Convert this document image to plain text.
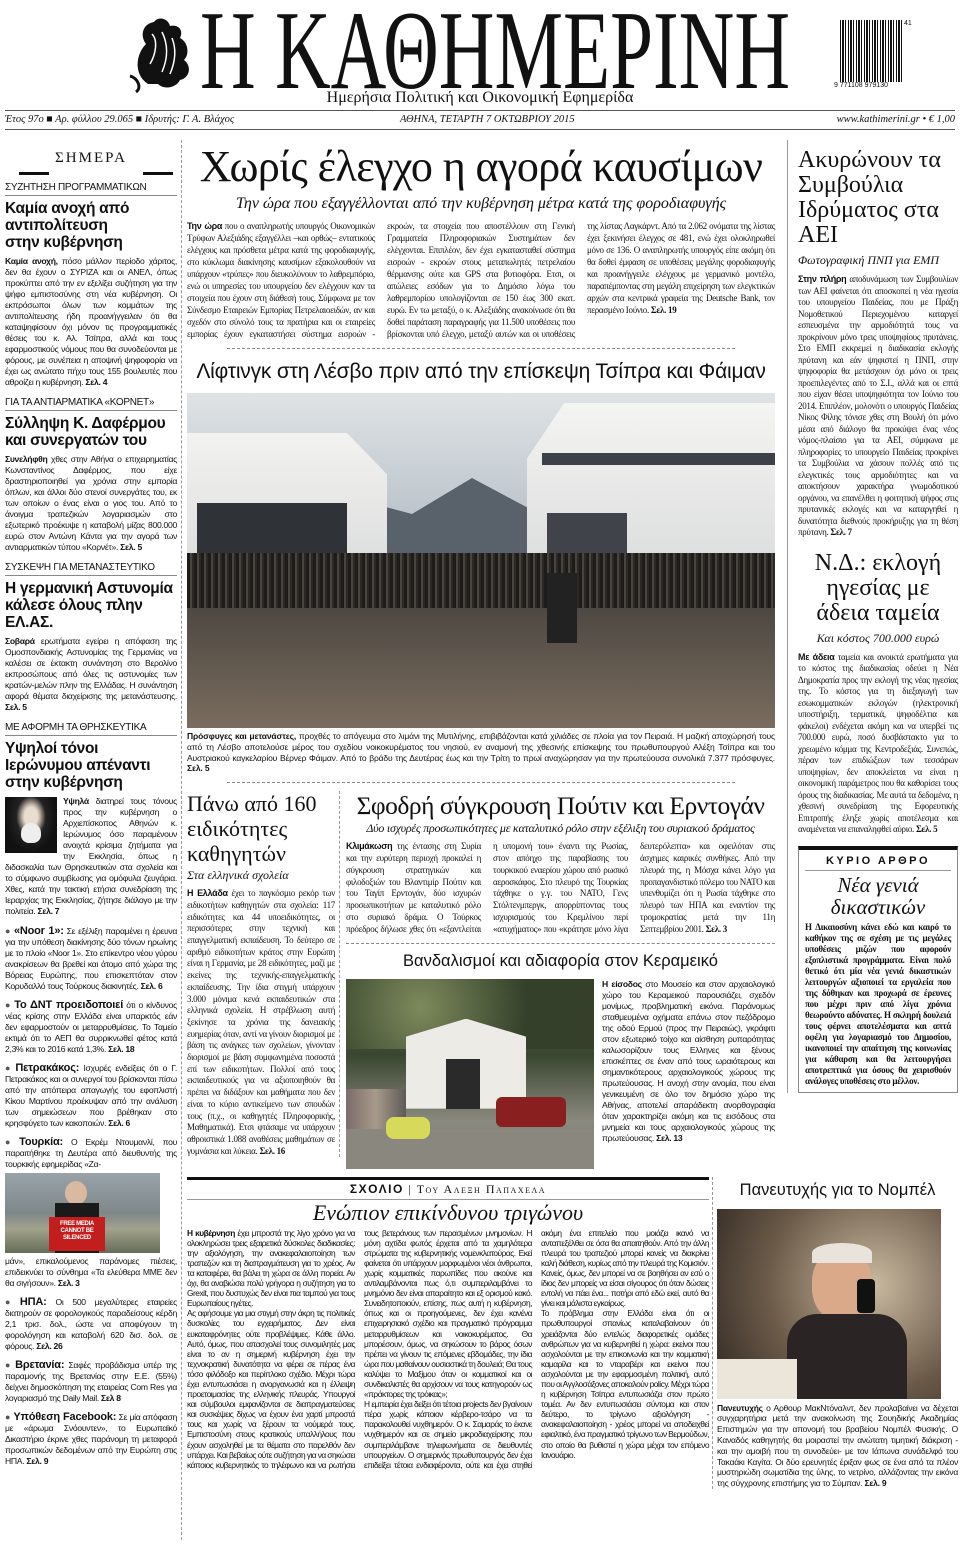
Η ΚΑΘΗΜΕΡΙΝΗ
Ημερήσια Πολιτική και Οικονομική Εφημερίδα
9 771108 979130
41
Έτος 97ο ■ Αρ. φύλλου 29.065 ■ Ιδρυτής: Γ. Α. Βλάχος	ΑΘΗΝΑ, ΤΕΤΑΡΤΗ 7 ΟΚΤΩΒΡΙΟΥ 2015	www.kathimerini.gr • € 1,00
ΣΗΜΕΡΑ
ΣΥΖΗΤΗΣΗ ΠΡΟΓΡΑΜΜΑΤΙΚΩΝ
Καμία ανοχή από αντιπολίτευση στην κυβέρνηση

Καμία ανοχή, πόσο μάλλον περίοδο χάριτος, δεν θα έχουν ο ΣΥΡΙΖΑ και οι ΑΝΕΛ, όπως προκύπτει από την εν εξελίξει συζήτηση για την ψήφο εμπιστοσύνης στη νέα κυβέρνηση. Οι εκπρόσωποι όλων των κομμάτων της αντιπολίτευσης ήδη προανήγγειλαν ότι θα καταψηφίσουν όχι μόνον τις προγραμματικές θέσεις του κ. Αλ. Τσίπρα, αλλά και τους εφαρμοστικούς νόμους που θα συνοδεύονται με φόρους, με συνέπεια η αποψινή ψηφοφορία να έχει ως ανώτατο πήχυ τους 155 βουλευτές που αθροίζει η κυβέρνηση. Σελ. 4

ΓΙΑ ΤΑ ΑΝΤΙΑΡΜΑΤΙΚΑ «ΚΟΡΝΕΤ»
Σύλληψη Κ. Δαφέρμου και συνεργατών του

Συνελήφθη χθες στην Αθήνα ο επιχειρηματίας Κωνσταντίνος Δαφέρμος, που είχε δραστηριοποιηθεί για χρόνια στην εμπορία όπλων, και άλλοι δύο στενοί συνεργάτες του, εκ των οποίων ο ένας είναι ο γιος του. Από το άνοιγμα τραπεζικών λογαριασμών στο εξωτερικό προέκυψε η καταβολή μίζας 800.000 ευρώ στον Αντώνη Κάντα για την αγορά των αντιαρματικών τύπου «Κορνέτ». Σελ. 5

ΣΥΣΚΕΨΗ ΓΙΑ ΜΕΤΑΝΑΣΤΕΥΤΙΚΟ
Η γερμανική Αστυνομία κάλεσε όλους πλην ΕΛ.ΑΣ.

Σοβαρά ερωτήματα εγείρει η απόφαση της Ομοσπονδιακής Αστυνομίας της Γερμανίας να καλέσει σε έκτακτη συνάντηση στο Βερολίνο εκπροσώπους από όλες τις αστυνομίες των κρατών-μελών πλην της Ελλάδας. Η συνάντηση αφορά θέματα διαχείρισης της μετανάστευσης. Σελ. 5

ΜΕ ΑΦΟΡΜΗ ΤΑ ΘΡΗΣΚΕΥΤΙΚΑ
Υψηλοί τόνοι Ιερώνυμου απέναντι στην κυβέρνηση

Υψηλά διατηρεί τους τόνους προς την κυβέρνηση ο Αρχιεπίσκοπος Αθηνών κ. Ιερώνυμος όσο παραμένουν ανοιχτά κρίσιμα ζητήματα για την Εκκλησία, όπως η διδασκαλία των Θρησκευτικών στα σχολεία και το σύμφωνο συμβίωσης για ομόφυλα ζευγάρια. Χθες, κατά την τακτική ετήσια συνεδρίαση της Ιεραρχίας της Εκκλησίας, ζήτησε διάλογο με την πολιτεία. Σελ. 7

● «Noor 1»: Σε εξέλιξη παραμένει η έρευνα για την υπόθεση διακίνησης δύο τόνων ηρωίνης με το πλοίο «Noor 1». Στο επίκεντρο νέου γύρου ανακρίσεων θα βρεθεί και άτομο από χώρα της Βόρειας Ευρώπης, που επισκεπτόταν στον Κορυδαλλό τους Τούρκους διακινητές. Σελ. 6

● Το ΔΝΤ προειδοποιεί ότι ο κίνδυνος νέας κρίσης στην Ελλάδα είναι υπαρκτός εάν δεν εφαρμοστούν οι μεταρρυθμίσεις. Το Ταμείο εκτιμά ότι το ΑΕΠ θα συρρικνωθεί φέτος κατά 2,3% και το 2016 κατά 1,3%. Σελ. 18

● Πετρακάκος: Ισχυρές ενδείξεις ότι ο Γ. Πετρακάκος και οι συνεργοί του βρίσκονται πίσω από την απόπειρα απαγωγής του εφοπλιστή Κίκου Μαρτίνου προέκυψαν από την ανάλυση των σημειώσεων που βρέθηκαν στο κρησφύγετο των κακοποιών. Σελ. 6

● Τουρκία: Ο Εκρέμ Ντουμανλί, που παραιτήθηκε τη Δευτέρα από διευθυντής της τουρκικής εφημερίδας «Ζα-

FREE MEDIA CANNOT BE SILENCED

μάν», επικαλούμενος παράνομες πιέσεις, επιδεικνύει το σύνθημα «Τα ελεύθερα ΜΜΕ δεν θα σιγήσουν». Σελ. 3

● ΗΠΑ: Οι 500 μεγαλύτερες εταιρείες διατηρούν σε φορολογικούς παραδείσους κέρδη 2,1 τρισ. δολ., ώστε να αποφύγουν τη φορολόγηση και καταβολή 620 δισ. δολ. σε φόρους. Σελ. 26

● Βρετανία: Σαφές προβάδισμα υπέρ της παραμονής της Βρετανίας στην Ε.Ε. (55%) δείχνει δημοσκόπηση της εταιρείας Com Res για λογαριασμό της Daily Mail. Σελ 8

● Υπόθεση Facebook: Σε μία απόφαση με «άρωμα Σνόουντεν», το Ευρωπαϊκό Δικαστήριο έκρινε χθες παράνομη τη μεταφορά προσωπικών δεδομένων από την Ευρώπη στις ΗΠΑ. Σελ. 9

Χωρίς έλεγχο η αγορά καυσίμων
Την ώρα που εξαγγέλλονται από την κυβέρνηση μέτρα κατά της φοροδιαφυγής
Την ώρα που ο αναπληρωτής υπουργός Οικονομικών Τρύφων Αλεξιάδης εξαγγέλλει –και ορθώς– εντατικούς ελέγχους και πρόσθετα μέτρα κατά της φοροδιαφυγής, στο κύκλωμα διακίνησης καυσίμων εξακολουθούν να υπάρχουν «τρύπες» που διευκολύνουν το λαθρεμπόριο, ενώ οι υπηρεσίες του υπουργείου δεν ελέγχουν καν τα στοιχεία που έχουν στη διάθεσή τους. Σύμφωνα με τον Σύνδεσμο Εταιρειών Εμπορίας Πετρελαιοειδών, αν και σχεδόν στο σύνολό τους τα πρατήρια και οι εταιρείες εμπορίας έχουν εγκαταστήσει σύστημα εισροών - εκροών, τα στοιχεία που αποστέλλουν στη Γενική Γραμματεία Πληροφοριακών Συστημάτων δεν ελέγχονται. Επιπλέον, δεν έχει εγκατασταθεί σύστημα εισροών - εκροών στους μεταπωλητές πετρελαίου θέρμανσης ούτε και GPS στα βυτιοφόρα. Ετσι, οι απώλειες εσόδων για το Δημόσιο λόγω του λαθρεμπορίου υπολογίζονται σε 150 έως 300 εκατ. ευρώ. Εν τω μεταξύ, ο κ. Αλεξιάδης ανακοίνωσε ότι θα δοθεί παράταση παραγραφής για 11.500 υποθέσεις που βρίσκονται υπό έλεγχο, μεταξύ αυτών και οι υποθέσεις της λίστας Λαγκάρντ. Από τα 2.062 ονόματα της λίστας έχει ξεκινήσει έλεγχος σε 481, ενώ έχει ολοκληρωθεί μόνο σε 136. Ο αναπληρωτής υπουργός είπε ακόμη ότι θα δοθεί έμφαση σε υποθέσεις μεγάλης φοροδιαφυγής και προανήγγειλε ελέγχους με γερμανικό μοντέλο, παραπέμποντας στη μεγάλη επιχείρηση των ελεγκτικών αρχών στα κεντρικά γραφεία της Deutsche Bank, τον περασμένο Ιούνιο. Σελ. 19
Λίφτινγκ στη Λέσβο πριν από την επίσκεψη Τσίπρα και Φάιμαν

Πρόσφυγες και μετανάστες, προχθές το απόγευμα στο λιμάνι της Μυτιλήνης, επιβιβάζονται κατά χιλιάδες σε πλοία για τον Πειραιά. Η μαζική αποχώρησή τους από τη Λέσβο αποτελούσε μέρος του σχεδίου νοικοκυρέματος του νησιού, εν αναμονή της χθεσινής επίσκεψης του πρωθυπουργού Αλέξη Τσίπρα και του Αυστριακού καγκελαρίου Βέρνερ Φάιμαν. Από το βράδυ της Δευτέρας έως και την Τρίτη το πρωί αναχώρησαν για την πρωτεύουσα συνολικά 7.377 πρόσφυγες. Σελ. 5

Πάνω από 160 ειδικότητες καθηγητών
Στα ελληνικά σχολεία

Η Ελλάδα έχει το παγκόσμιο ρεκόρ των ειδικοτήτων καθηγητών στα σχολεία: 117 ειδικότητες και 44 υποειδικότητες, οι περισσότερες στην τεχνική και επαγγελματική εκπαίδευση. Το δεύτερο σε αριθμό ειδικοτήτων κράτος στην Ευρώπη είναι η Γερμανία, με 28 ειδικότητες, μαζί με εκείνες της τεχνικής-επαγγελματικής εκπαίδευσης. Την ίδια στιγμή υπάρχουν 3.000 μόνιμα κενά εκπαιδευτικών στα ελληνικά σχολεία. Η στρέβλωση αυτή ξεκίνησε τα χρόνια της δανειακής ευημερίας όταν, αντί να γίνουν διορισμοί με βάση τις ανάγκες των σχολείων, γίνονταν διορισμοί με βάση συμφωνημένα ποσοστά επί των ειδικοτήτων. Πολλοί από τους εκπαιδευτικούς για να αξιοποιηθούν θα πρέπει να διδάξουν και μαθήματα που δεν είναι το κύριο αντικείμενο των σπουδών τους (π.χ., οι καθηγητές Πληροφορικής, Μαθηματικά). Ετσι φτάσαμε να υπάρχουν αθροιστικά 1.088 αναθέσεις μαθημάτων σε γυμνάσια και λύκεια. Σελ. 16

Σφοδρή σύγκρουση Πούτιν και Ερντογάν
Δύο ισχυρές προσωπικότητες με καταλυτικό ρόλο στην εξέλιξη του συριακού δράματος
Κλιμάκωση της έντασης στη Συρία και την ευρύτερη περιοχή προκαλεί η σύγκρουση στρατηγικών και φιλοδοξιών του Βλαντιμίρ Πούτιν και του Ταγίπ Ερντογάν, δύο ισχυρών προσωπικοτήτων με καταλυτικό ρόλο στο συριακό δράμα. Ο Τούρκος πρόεδρος δήλωσε χθες ότι «εξαντλείται η υπομονή του» έναντι της Ρωσίας, στον απόηχο της παραβίασης του τουρκικού εναερίου χώρου από ρωσικό αεροσκάφος. Στο πλευρό της Τουρκίας τάχθηκε ο γ.γ. του ΝΑΤΟ, Γενς Στόλτενμπεργκ, απορρίπτοντας τους ισχυρισμούς του Κρεμλίνου περί «ατυχήματος» που «κράτησε μόνο λίγα δευτερόλεπτα» και οφειλόταν στις άσχημες καιρικές συνθήκες. Από την πλευρά της, η Μόσχα κάνει λόγο για προπαγανδιστικό πόλεμο του ΝΑΤΟ και υπενθυμίζει ότι η Ρωσία τάχθηκε στο πλευρό των ΗΠΑ και εναντίον της τρομοκρατίας μετά την 11η Σεπτεμβρίου 2001. Σελ. 3
Βανδαλισμοί και αδιαφορία στον Κεραμεικό

Η είσοδος στο Μουσείο και στον αρχαιολογικό χώρο του Κεραμεικού παρουσιάζει, σχεδόν μονίμως, προβληματική εικόνα. Παράνομως σταθμευμένα οχήματα επάνω στον πεζόδρομο της οδού Ερμού (προς την Πειραιώς), γκράφιτι στον εξωτερικό τοίχο και αίσθηση ρυπαρότητας καλωσορίζουν τους Ελληνες και ξένους επισκέπτες σε έναν από τους ωραιότερους και σημαντικότερους αρχαιολογικούς χώρους της πρωτεύουσας. Η ανοχή στην ανομία, που είναι γενικευμένη σε όλο τον δημόσιο χώρο της Αθήνας, αποτελεί απαράδεκτη ανορθογραφία όταν χαρακτηρίζει ακόμη και τις εισόδους στα μνημεία και τους αρχαιολογικούς χώρους της πρωτεύουσας. Σελ. 13

Ακυρώνουν τα Συμβούλια Ιδρύματος στα ΑΕΙ
Φωτογραφική ΠΝΠ για ΕΜΠ

Στην πλήρη αποδυνάμωση των Συμβουλίων των ΑΕΙ φαίνεται ότι αποσκοπεί η νέα ηγεσία του υπουργείου Παιδείας, που με Πράξη Νομοθετικού Περιεχομένου καταργεί εσπευσμένα την αρμοδιότητά τους να προκρίνουν μόνο τρεις υποψηφίους πρυτάνεις. Στο ΕΜΠ εκκρεμεί η διαδικασία εκλογής πρύτανη και εάν ψηφιστεί η ΠΝΠ, στην ψηφοφορία θα μετάσχουν όχι μόνο οι τρεις προεπιλεγέντες από το Σ.Ι., αλλά και οι επτά που είχαν θέσει υποψηφιότητα τον Ιούνιο του 2014. Επιπλέον, μολονότι ο υπουργός Παιδείας Νίκος Φίλης τόνισε χθες στη Βουλή ότι μόνο μέσα από διάλογο θα προκύψει ένας νέος νόμος-πλαίσιο για τα ΑΕΙ, σύμφωνα με πληροφορίες το υπουργείο Παιδείας προκρίνει τα Συμβούλια να χάσουν πολλές από τις ελεγκτικές τους αρμοδιότητες και να αποκτήσουν χαρακτήρα γνωμοδοτικού οργάνου, να επανέλθει η φοιτητική ψήφος στις πρυτανικές εκλογές και να καταργηθεί η δυνατότητα διεθνούς προκήρυξης για τη θέση πρύτανη. Σελ. 7

Ν.Δ.: εκλογή ηγεσίας με άδεια ταμεία
Και κόστος 700.000 ευρώ

Με άδεια ταμεία και ανοικτά ερωτήματα για το κόστος της διαδικασίας οδεύει η Νέα Δημοκρατία προς την εκλογή της νέας ηγεσίας της. Το κόστος για τη διεξαγωγή των εσωκομματικών εκλογών (ηλεκτρονική υποστήριξη, τερματικά, ψηφοδέλτια και φάκελοι) ενδέχεται ακόμη και να υπερβεί τις 700.000 ευρώ, ποσό δυσβάστακτο για το χρεωμένο κόμμα της Κεντροδεξιάς. Συνεπώς, πέραν των επιδιώξεων των τεσσάρων υποψηφίων, δεν αποκλείεται να είναι η οικονομική παράμετρος που θα καθορίσει τους όρους της διαδικασίας. Με αυτά τα δεδομένα, η χθεσινή συνεδρίαση της Εφορευτικής Επιτροπής έληξε χωρίς αποτέλεσμα και αναμένεται να επαναληφθεί αύριο. Σελ. 5

ΚΥΡΙΟ ΑΡΘΡΟ
Νέα γενιά δικαστικών

Η Δικαιοσύνη κάνει εδώ και καιρό το καθήκον της σε σχέση με τις μεγάλες υποθέσεις μιζών που αφορούν εξοπλιστικά προγράμματα. Είναι πολύ θετικό ότι μία νέα γενιά δικαστικών λειτουργών αξιοποιεί τα εργαλεία που της δόθηκαν και προχωρά σε έρευνες που μέχρι πριν από λίγα χρόνια θεωρούντο αδύνατες. Η σκληρή δουλειά τους φέρνει αποτελέσματα και απτά οφέλη για λογαριασμό του Δημοσίου, ικανοποιεί την απαίτηση της κοινωνίας για κάθαρση και θα λειτουργήσει αποτρεπτικά για όσους θα χειρισθούν ανάλογες υποθέσεις στο μέλλον.

ΣΧΟΛΙΟ | Του Αλέξη Παπαχελά
Ενώπιον επικίνδυνου τριγώνου

Η κυβέρνηση έχει μπροστά της λίγο χρόνο για να ολοκληρώσει τρεις εξαιρετικά δύσκολες διαδικασίες: την αξιολόγηση, την ανακεφαλαιοποίηση των τραπεζών και τη διαπραγμάτευση για το χρέος. Αν τα καταφέρει, θα βάλει τη χώρα σε άλλη πορεία. Αν όχι, θα αναβιώσει πολύ γρήγορα η συζήτηση για το Grexit, που δυστυχώς δεν είναι πια ταμπού για τους Ευρωπαίους ηγέτες.

Ας αφήσουμε για μια στιγμή στην άκρη τις πολιτικές δυσκολίες του εγχειρήματος. Δεν είναι ευκαταφρόνητες ούτε προβλέψιμες. Κάθε άλλο. Αυτό, όμως, που απασχολεί τους συνομιλητές μας είναι το αν η σημερινή κυβέρνηση έχει την τεχνοκρατική δυνατότητα να φέρει σε πέρας ένα τόσο φιλόδοξο και περίπλοκο σχέδιο. Μέχρι τώρα έχει εντυπωσιάσει η ανοργανωσιά και η έλλειψη προετοιμασίας της ελληνικής πλευράς. Υπουργοί και σύμβουλοι εμφανίζονται σε διαπραγματεύσεις και συσκέψεις δίχως να έχουν ένα χαρτί μπροστά τους και χωρίς να ξέρουν τα νούμερά τους. Εμπιστοσύνη στους κρατικούς υπαλλήλους που έχουν ασχοληθεί με τα θέματα στο παρελθόν δεν υπάρχει. Και βεβαίως ούτε συζήτηση για να σηκώσει κάποιος κυβερνητικός το τηλέφωνο και να ρωτήσει τους βετεράνους των περασμένων μνημονίων. Η μόνη αχτίδα φωτός έρχεται από τα χαμηλότερα στρώματα της κυβερνητικής νομενκλατούρας. Εκεί φαίνεται ότι υπάρχουν μορφωμένοι νέοι άνθρωποι, χωρίς κομματικές παρωπίδες που ακούνε και αντιλαμβάνονται πως ό,τι συμπεριλαμβάνει το μνημόνιο δεν είναι απαραίτητο και εξ ορισμού κακό. Συνειδητοποιούν, επίσης, πως αυτή η κυβέρνηση, όπως και οι προηγούμενες, δεν έχει κανένα επιχειρησιακό σχέδιο και πραγματικό πρόγραμμα μεταρρυθμίσεων και νοικοκυρέματος. Θα μπορέσουν, όμως, να σηκώσουν το βάρος όσων πρέπει να γίνουν τις επόμενες εβδομάδες, την ίδια ώρα που μαθαίνουν ουσιαστικά τη δουλειά; Θα τους καλύψει το Μαξίμου όταν οι κομματικοί και οι συνδικαλιστές θα αρχίσουν να τους κατηγορούν ως «πράκτορες της τρόικας»;

Η εμπειρία έχει δείξει ότι τέτοια projects δεν βγαίνουν πέρα χωρίς κάποιον κέρβερο-τσάρο να τα παρακολουθεί νυχθημερόν. Ο κ. Σαμαράς το έκανε νυχθημερόν και σε σημείο μικροδιαχείρισης που συμπεριλάμβανε τηλεφωνήματα σε διευθυντές υπουργείων. Ο σημερινός πρωθυπουργός δεν έχει επιδείξει τέτοια ενδιαφέροντα, ούτε και έχει στηθεί ακόμη ένα επιτελείο που μοιάζει ικανό να ανταπεξέλθει σε όσα θα απαιτηθούν. Από την άλλη πλευρά του τραπεζιού μπορεί κανείς να διακρίνει καλή διάθεση, κυρίως από την πλευρά της Κομισιόν. Κανείς, όμως, δεν μπορεί να σε βοηθήσει αν εσύ ο ίδιος δεν μπορείς να είσαι σίγουρος ότι όταν δώσεις εντολή να πάει ένα... ποτήρι από εδώ εκεί, αυτό θα γίνει και μάλιστα εγκαίρως.

Το πρόβλημα στην Ελλάδα είναι ότι οι πρωθυπουργοί σπανίως καταλαβαίνουν ότι χρειάζονται δύο εντελώς διαφορετικές ομάδες ανθρώπων για να κυβερνηθεί η χώρα: εκείνοι που ασχολούνται με την επικοινωνία και την κομματική καμαρίλα και το νταραβέρι και εκείνοι που ασχολούνται με την εφαρμοσμένη πολιτική, αυτό που οι Αγγλοσάξονες αποκαλούν policy. Μέχρι τώρα η κυβέρνηση Τσίπρα εντυπωσιάζει στον πρώτο τομέα. Αν δεν εντυπωσιάσει σύντομα και στον δεύτερο, το τρίγωνο αξιολόγηση - ανακεφαλαιοποίηση - χρέος μπορεί να αποδειχθεί εφιαλτικό, ένα πραγματικό τρίγωνο των Βερμούδων, στο οποίο θα βυθιστεί η χώρα μέχρι τον επόμενο Ιανουάριο.

Πανευτυχής για το Νομπέλ

Πανευτυχής ο Αρθουρ ΜακΝτόναλντ, δεν προλαβαίνει να δέχεται συγχαρητήρια μετά την ανακοίνωση της Σουηδικής Ακαδημίας Επιστημών για την απονομή του βραβείου Νομπέλ Φυσικής. Ο Καναδός καθηγητής θα μοιραστεί την ανώτατη τιμητική διάκριση - και την αμοιβή που τη συνοδεύει- με τον Ιάπωνα συνάδελφό του Τακαάκι Καγίτα. Οι δύο ερευνητές έριξαν φως σε ένα από τα πλέον μυστηριώδη σωματίδια της ύλης, το νετρίνο, αλλάζοντας την εικόνα της σύγχρονης επιστήμης για το Σύμπαν. Σελ. 9
